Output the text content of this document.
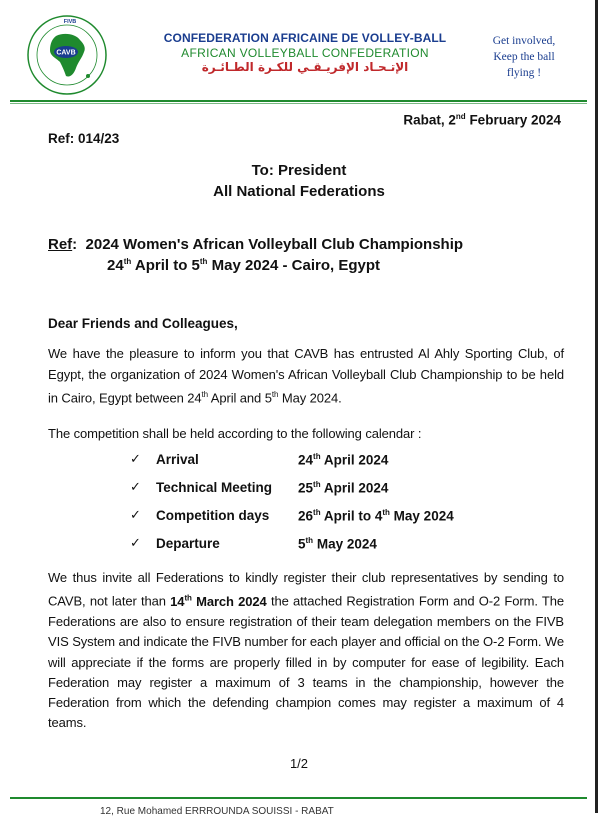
CAVB
FIVB
CONFEDERATION AFRICAINE DE VOLLEY-BALL
AFRICAN VOLLEYBALL CONFEDERATION
الإتـحـاد الإفريـقـي للكـرة الطـائـرة
Get involved,
Keep the ball
flying !
Rabat, 2nd February 2024
Ref: 014/23
To: President
All National Federations
Ref:  2024 Women's African Volleyball Club Championship
24th April to 5th May 2024 - Cairo, Egypt
Dear Friends and Colleagues,
We have the pleasure to inform you that CAVB has entrusted Al Ahly Sporting Club, of Egypt, the organization of 2024 Women's African Volleyball Club Championship to be held in Cairo, Egypt between 24th April and 5th May 2024.
The competition shall be held according to the following calendar :
✓ Arrival	24th April 2024
✓ Technical Meeting 25th April 2024
✓ Competition days 26th April to 4th May 2024
✓ Departure	5th May 2024
We thus invite all Federations to kindly register their club representatives by sending to CAVB, not later than 14th March 2024 the attached Registration Form and O-2 Form. The Federations are also to ensure registration of their team delegation members on the FIVB VIS System and indicate the FIVB number for each player and official on the O-2 Form. We will appreciate if the forms are properly filled in by computer for ease of legibility. Each Federation may register a maximum of 3 teams in the championship, however the Federation from which the defending champion comes may register a maximum of 4 teams.
1/2
12, Rue Mohamed ERRROUNDA SOUISSI - RABAT
